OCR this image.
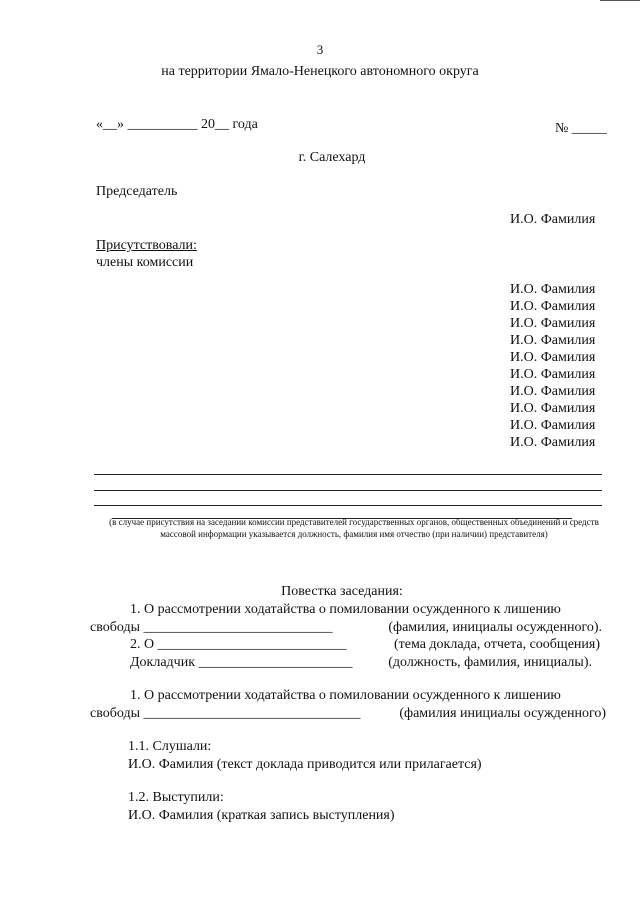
3
на территории Ямало-Ненецкого автономного округа
«__» __________ 20__ года	№ _____
г. Салехард
Председатель
И.О. Фамилия
Присутствовали:
члены комиссии
И.О. Фамилия
И.О. Фамилия
И.О. Фамилия
И.О. Фамилия
И.О. Фамилия
И.О. Фамилия
И.О. Фамилия
И.О. Фамилия
И.О. Фамилия
И.О. Фамилия
(в случае присутствия на заседании комиссии представителей государственных органов, общественных объединений и средств массовой информации указывается должность, фамилия имя отчество (при наличии) представителя)
Повестка заседания:
1. О рассмотрении ходатайства о помиловании осужденного к лишению
свободы ___________________________	(фамилия, инициалы осужденного).
2. О ___________________________	(тема доклада, отчета, сообщения)
Докладчик ______________________	(должность, фамилия, инициалы).
1. О рассмотрении ходатайства о помиловании осужденного к лишению
свободы _______________________________	(фамилия инициалы осужденного)
1.1. Слушали:
И.О. Фамилия (текст доклада приводится или прилагается)
1.2. Выступили:
И.О. Фамилия (краткая запись выступления)
